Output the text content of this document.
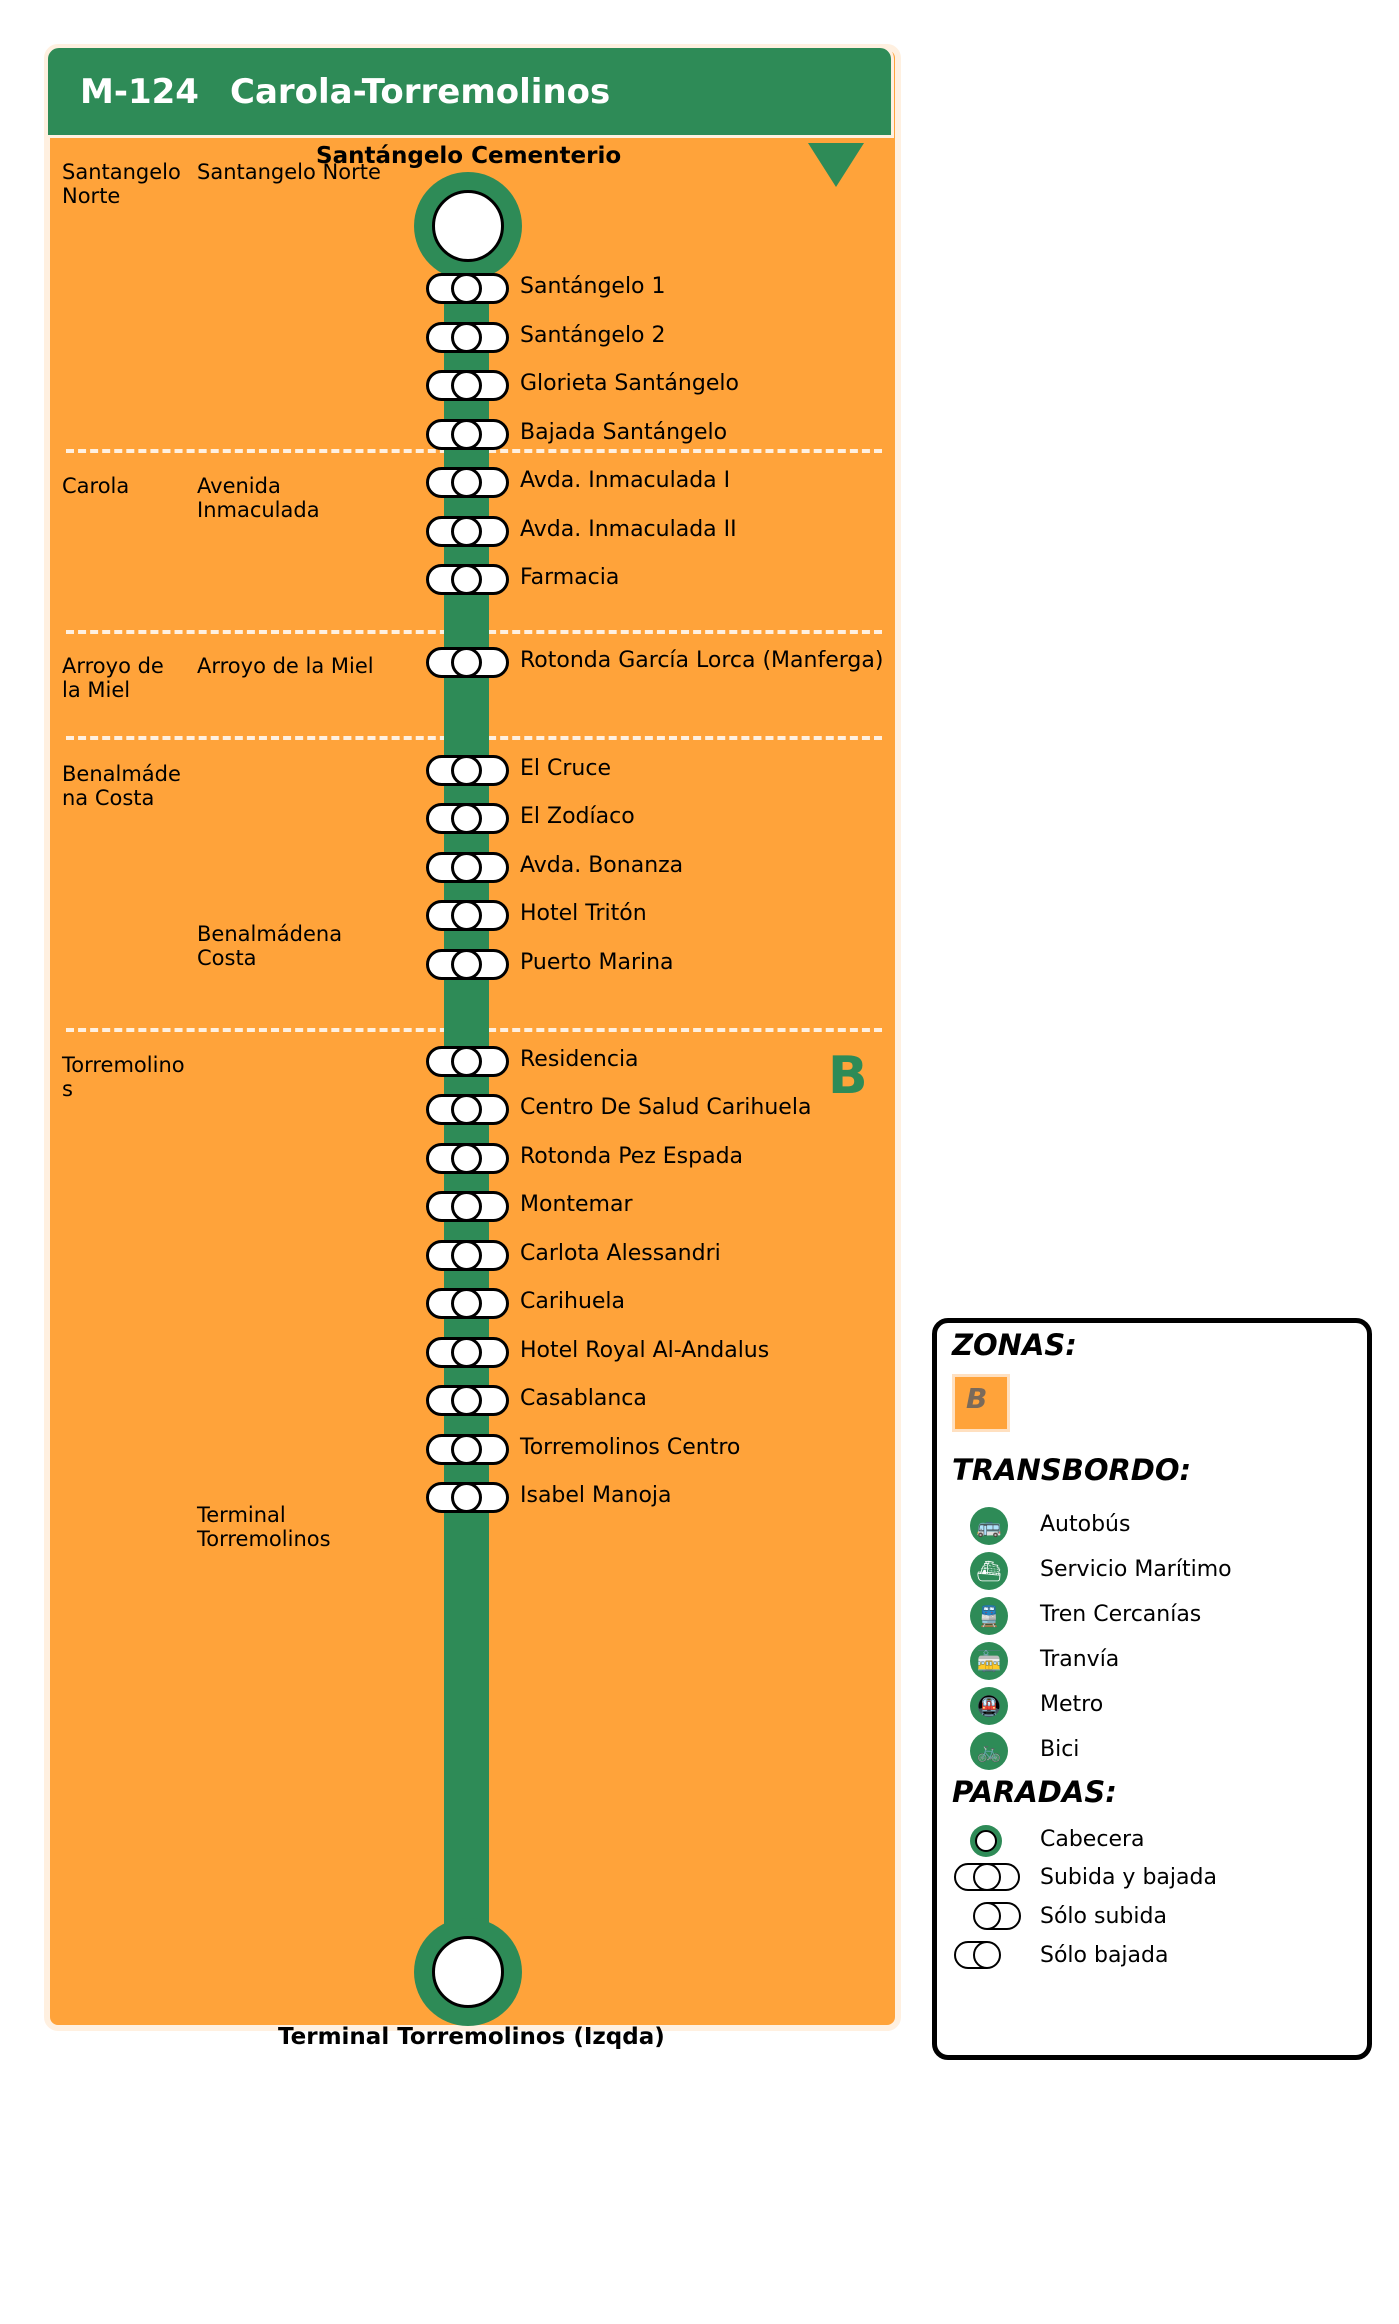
M-124 Carola-Torremolinos
Santángelo Cementerio
Terminal Torremolinos (Izqda)
Santangelo Norte
Carola
Arroyo de la Miel
Benalmádena Costa
Torremolinos
Santangelo Norte
Avenida Inmaculada
Arroyo de la Miel
Benalmádena Costa
Terminal Torremolinos
B
Santángelo 1
Santángelo 2
Glorieta Santángelo
Bajada Santángelo
Avda. Inmaculada I
Avda. Inmaculada II
Farmacia
Rotonda García Lorca (Manferga)
El Cruce
El Zodíaco
Avda. Bonanza
Hotel Tritón
Puerto Marina
Residencia
Centro De Salud Carihuela
Rotonda Pez Espada
Montemar
Carlota Alessandri
Carihuela
Hotel Royal Al-Andalus
Casablanca
Torremolinos Centro
Isabel Manoja
ZONAS:
B
TRANSBORDO:
🚌 Autobús
⛴ Servicio Marítimo
🚆 Tren Cercanías
🚋 Tranvía
🚇 Metro
🚲 Bici
PARADAS:
Cabecera
Subida y bajada
Sólo subida
Sólo bajada
